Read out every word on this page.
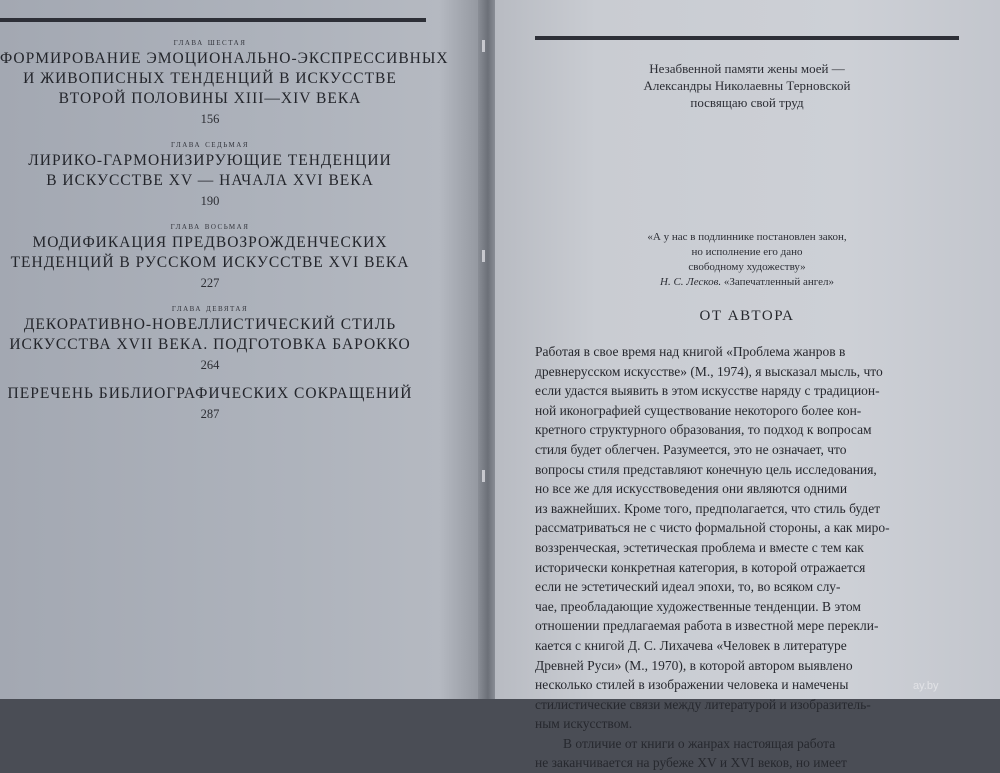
глава шестая
ФОРМИРОВАНИЕ ЭМОЦИОНАЛЬНО-ЭКСПРЕССИВНЫХ
И ЖИВОПИСНЫХ ТЕНДЕНЦИЙ В ИСКУССТВЕ
ВТОРОЙ ПОЛОВИНЫ XIII—XIV ВЕКА
156
глава седьмая
ЛИРИКО-ГАРМОНИЗИРУЮЩИЕ ТЕНДЕНЦИИ
В ИСКУССТВЕ XV — НАЧАЛА XVI ВЕКА
190
глава восьмая
МОДИФИКАЦИЯ ПРЕДВОЗРОЖДЕНЧЕСКИХ
ТЕНДЕНЦИЙ В РУССКОМ ИСКУССТВЕ XVI ВЕКА
227
глава девятая
ДЕКОРАТИВНО-НОВЕЛЛИСТИЧЕСКИЙ СТИЛЬ
ИСКУССТВА XVII ВЕКА. ПОДГОТОВКА БАРОККО
264
ПЕРЕЧЕНЬ БИБЛИОГРАФИЧЕСКИХ СОКРАЩЕНИЙ
287
Незабвенной памяти жены моей —
Александры Николаевны Терновской
посвящаю свой труд
«А у нас в подлиннике постановлен закон,
но исполнение его дано
свободному художеству»
Н. С. Лесков. «Запечатленный ангел»
ОТ АВТОРА
Работая в свое время над книгой «Проблема жанров в
древнерусском искусстве» (М., 1974), я высказал мысль, что
если удастся выявить в этом искусстве наряду с традицион-
ной иконографией существование некоторого более кон-
кретного структурного образования, то подход к вопросам
стиля будет облегчен. Разумеется, это не означает, что
вопросы стиля представляют конечную цель исследования,
но все же для искусствоведения они являются одними
из важнейших. Кроме того, предполагается, что стиль будет
рассматриваться не с чисто формальной стороны, а как миро-
воззренческая, эстетическая проблема и вместе с тем как
исторически конкретная категория, в которой отражается
если не эстетический идеал эпохи, то, во всяком слу-
чае, преобладающие художественные тенденции. В этом
отношении предлагаемая работа в известной мере перекли-
кается с книгой Д. С. Лихачева «Человек в литературе
Древней Руси» (М., 1970), в которой автором выявлено
несколько стилей в изображении человека и намечены
стилистические связи между литературой и изобразитель-
ным искусством.
В отличие от книги о жанрах настоящая работа
не заканчивается на рубеже XV и XVI веков, но имеет
ay.by
